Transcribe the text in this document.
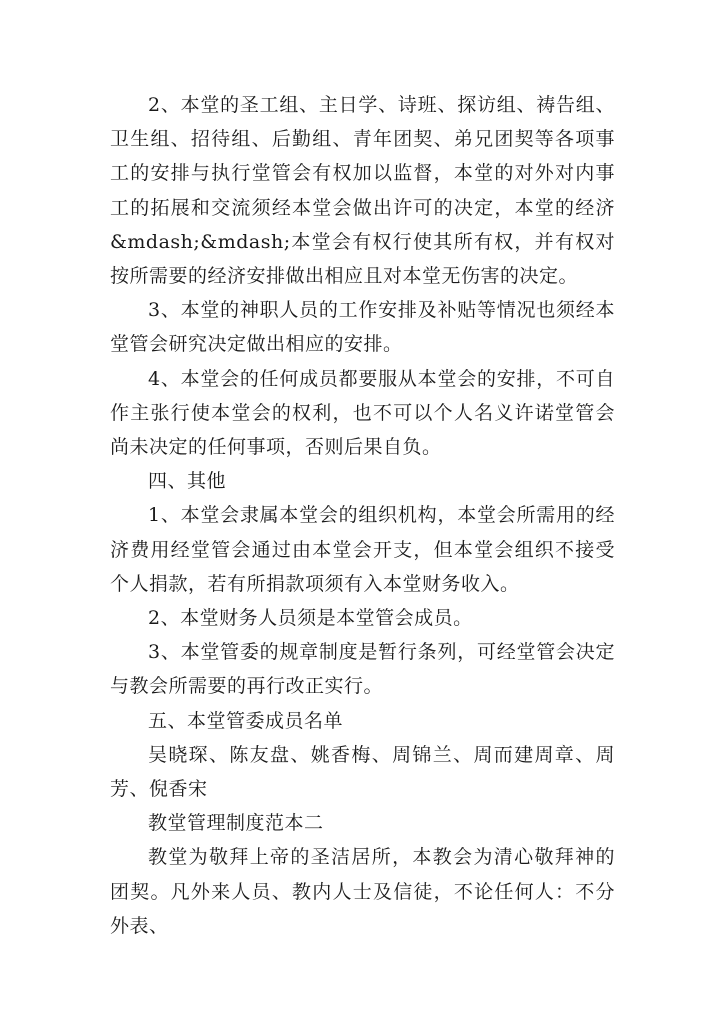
2、本堂的圣工组、主日学、诗班、探访组、祷告组、卫生组、招待组、后勤组、青年团契、弟兄团契等各项事工的安排与执行堂管会有权加以监督，本堂的对外对内事工的拓展和交流须经本堂会做出许可的决定，本堂的经济&mdash;&mdash;本堂会有权行使其所有权，并有权对按所需要的经济安排做出相应且对本堂无伤害的决定。

3、本堂的神职人员的工作安排及补贴等情况也须经本堂管会研究决定做出相应的安排。

4、本堂会的任何成员都要服从本堂会的安排，不可自作主张行使本堂会的权利，也不可以个人名义许诺堂管会尚未决定的任何事项，否则后果自负。

四、其他

1、本堂会隶属本堂会的组织机构，本堂会所需用的经济费用经堂管会通过由本堂会开支，但本堂会组织不接受个人捐款，若有所捐款项须有入本堂财务收入。

2、本堂财务人员须是本堂管会成员。

3、本堂管委的规章制度是暂行条列，可经堂管会决定与教会所需要的再行改正实行。

五、本堂管委成员名单

吴晓琛、陈友盘、姚香梅、周锦兰、周而建周章、周芳、倪香宋

教堂管理制度范本二

教堂为敬拜上帝的圣洁居所，本教会为清心敬拜神的团契。凡外来人员、教内人士及信徒，不论任何人：不分外表、
